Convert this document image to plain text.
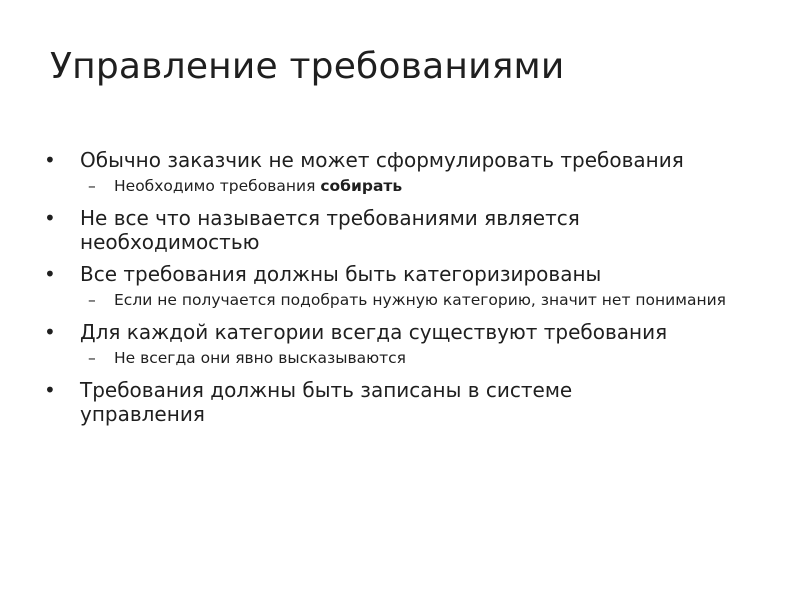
Управление требованиями
•	Обычно заказчик не может сформулировать требования
–	Необходимо требования собирать
•	Не все что называется требованиями является необходимостью
•	Все требования должны быть категоризированы
–	Если не получается подобрать нужную категорию, значит нет понимания
•	Для каждой категории всегда существуют требования
–	Не всегда они явно высказываются
•	Требования должны быть записаны в системе управления
